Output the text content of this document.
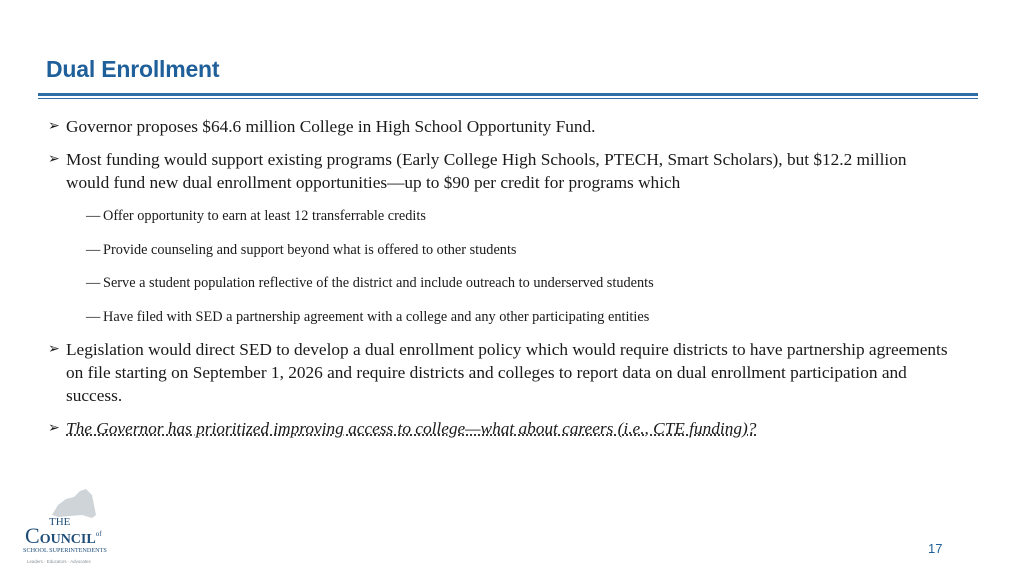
Dual Enrollment
➢ Governor proposes $64.6 million College in High School Opportunity Fund.
➢ Most funding would support existing programs (Early College High Schools, PTECH, Smart Scholars), but $12.2 million would fund new dual enrollment opportunities—up to $90 per credit for programs which
— Offer opportunity to earn at least 12 transferrable credits
— Provide counseling and support beyond what is offered to other students
— Serve a student population reflective of the district and include outreach to underserved students
— Have filed with SED a partnership agreement with a college and any other participating entities
➢ Legislation would direct SED to develop a dual enrollment policy which would require districts to have partnership agreements on file starting on September 1, 2026 and require districts and colleges to report data on dual enrollment participation and success.
➢ The Governor has prioritized improving access to college—what about careers (i.e., CTE funding)?
THE
$COUNCIL^{of}$
SCHOOL SUPERINTENDENTS
Leaders · Educators · Advocates
17
